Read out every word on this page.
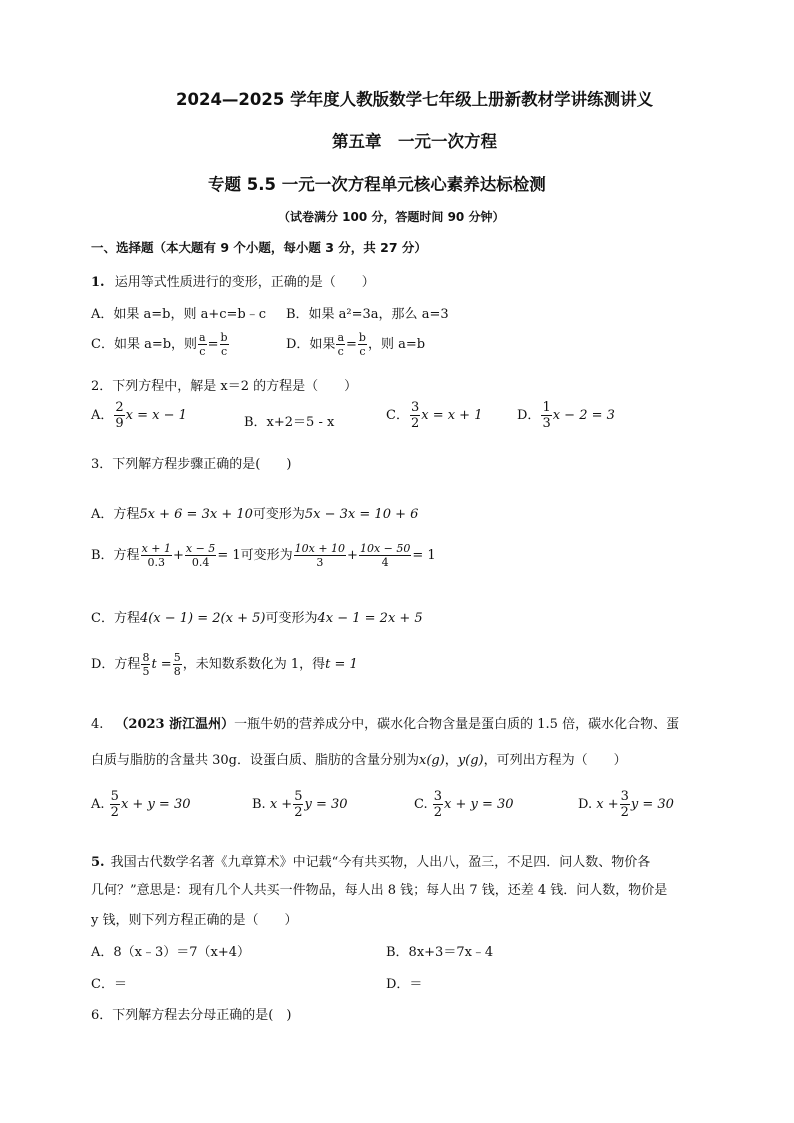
2024—2025 学年度人教版数学七年级上册新教材学讲练测讲义
第五章　一元一次方程
专题 5.5 一元一次方程单元核心素养达标检测
（试卷满分 100 分，答题时间 90 分钟）
一、选择题（本大题有 9 个小题，每小题 3 分，共 27 分）
1. 运用等式性质进行的变形，正确的是（　　）
A．如果 a=b，则 a+c=b﹣c B．如果 a²=3a，那么 a=3
C．如果 a=b，则 $\frac{a}{c} = \frac{b}{c}$	D．如果 $\frac{a}{c} = \frac{b}{c}$ ，则 a=b
2．下列方程中，解是 x＝2 的方程是（　　）
A． $\frac{2}{9}$ x = x − 1	B．x+2＝5 - x	C． $\frac{3}{2}$ x = x + 1	D． $\frac{1}{3}$ x − 2 = 3
3．下列解方程步骤正确的是(　　)
A．方程5x + 6 = 3x + 10可变形为5x − 3x = 10 + 6
B．方程 $\frac{x + 1}{0.3} + \frac{x - 5}{0.4} = 1$可变形为 $\frac{10x + 10}{3} + \frac{10x - 50}{4} = 1$
C．方程4(x − 1) = 2(x + 5)可变形为4x − 1 = 2x + 5
D．方程 $\frac{8}{5}$ $t = \frac{5}{8}$ ，未知数系数化为 1，得t = 1
4. （2023 浙江温州）一瓶牛奶的营养成分中，碳水化合物含量是蛋白质的 1.5 倍，碳水化合物、蛋
白质与脂肪的含量共 30g．设蛋白质、脂肪的含量分别为x(g)，y(g)，可列出方程为（　　）
A. $\frac{5}{2}$ x + y = 30	B. $x + \frac{5}{2}$ y = 30	C. $\frac{3}{2}$ x + y = 30	D. $x + \frac{3}{2}$ y = 30
5. 我国古代数学名著《九章算术》中记载“今有共买物，人出八，盈三，不足四．问人数、物价各
几何？”意思是：现有几个人共买一件物品，每人出 8 钱；每人出 7 钱，还差 4 钱．问人数，物价是
y 钱，则下列方程正确的是（　　）
A．8（x﹣3）＝7（x+4）	B．8x+3＝7x﹣4
C．＝	D．＝
6．下列解方程去分母正确的是(　)
